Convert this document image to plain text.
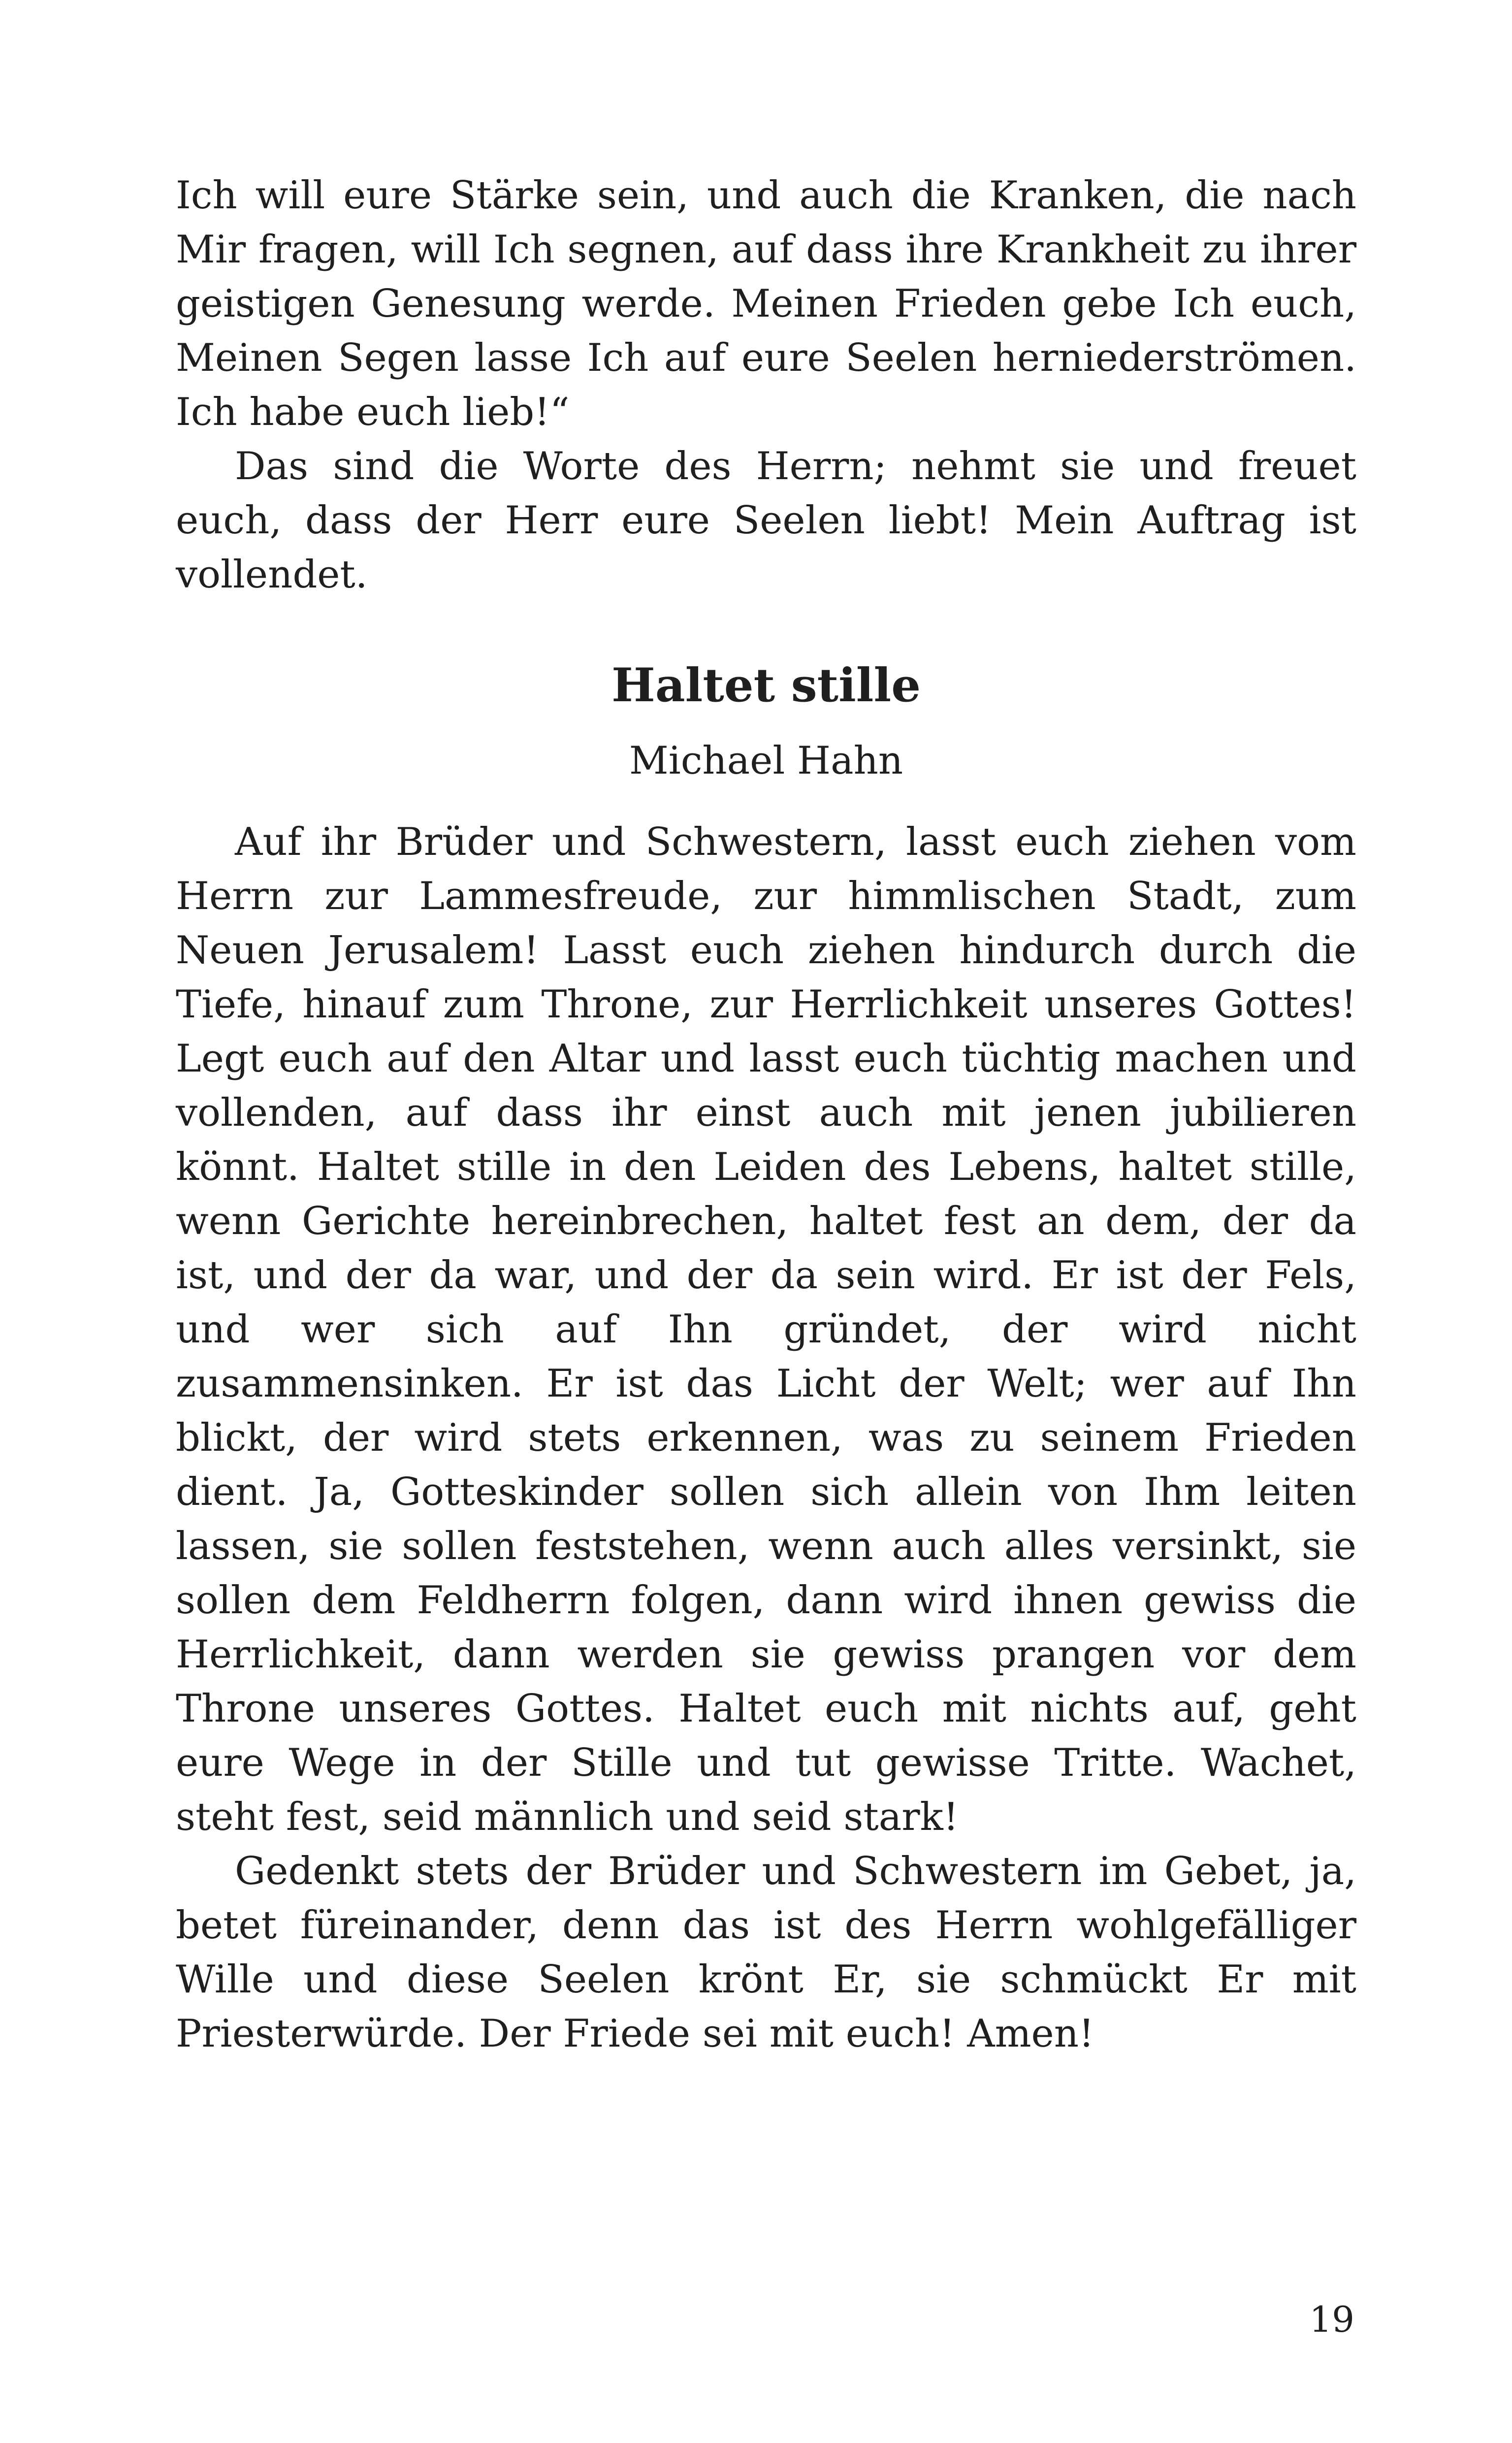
Ich will eure Stärke sein, und auch die Kranken, die nach Mir fragen, will Ich segnen, auf dass ihre Krankheit zu ihrer geistigen Genesung werde. Meinen Frieden gebe Ich euch, Meinen Segen lasse Ich auf eure Seelen herniederströmen. Ich habe euch lieb!“

Das sind die Worte des Herrn; nehmt sie und freuet euch, dass der Herr eure Seelen liebt! Mein Auftrag ist vollendet.

Haltet stille
Michael Hahn

Auf ihr Brüder und Schwestern, lasst euch ziehen vom Herrn zur Lammesfreude, zur himmlischen Stadt, zum Neuen Jerusalem! Lasst euch ziehen hindurch durch die Tiefe, hinauf zum Throne, zur Herrlichkeit unseres Gottes! Legt euch auf den Altar und lasst euch tüchtig machen und vollenden, auf dass ihr einst auch mit jenen jubilieren könnt. Haltet stille in den Leiden des Lebens, haltet stille, wenn Gerichte hereinbrechen, haltet fest an dem, der da ist, und der da war, und der da sein wird. Er ist der Fels, und wer sich auf Ihn gründet, der wird nicht zusammensinken. Er ist das Licht der Welt; wer auf Ihn blickt, der wird stets erkennen, was zu seinem Frieden dient. Ja, Gotteskinder sollen sich allein von Ihm leiten lassen, sie sollen feststehen, wenn auch alles versinkt, sie sollen dem Feldherrn folgen, dann wird ihnen gewiss die Herrlichkeit, dann werden sie gewiss prangen vor dem Throne unseres Gottes. Haltet euch mit nichts auf, geht eure Wege in der Stille und tut gewisse Tritte. Wachet, steht fest, seid männlich und seid stark!

Gedenkt stets der Brüder und Schwestern im Gebet, ja, betet füreinander, denn das ist des Herrn wohlgefälliger Wille und diese Seelen krönt Er, sie schmückt Er mit Priesterwürde. Der Friede sei mit euch! Amen!

19
